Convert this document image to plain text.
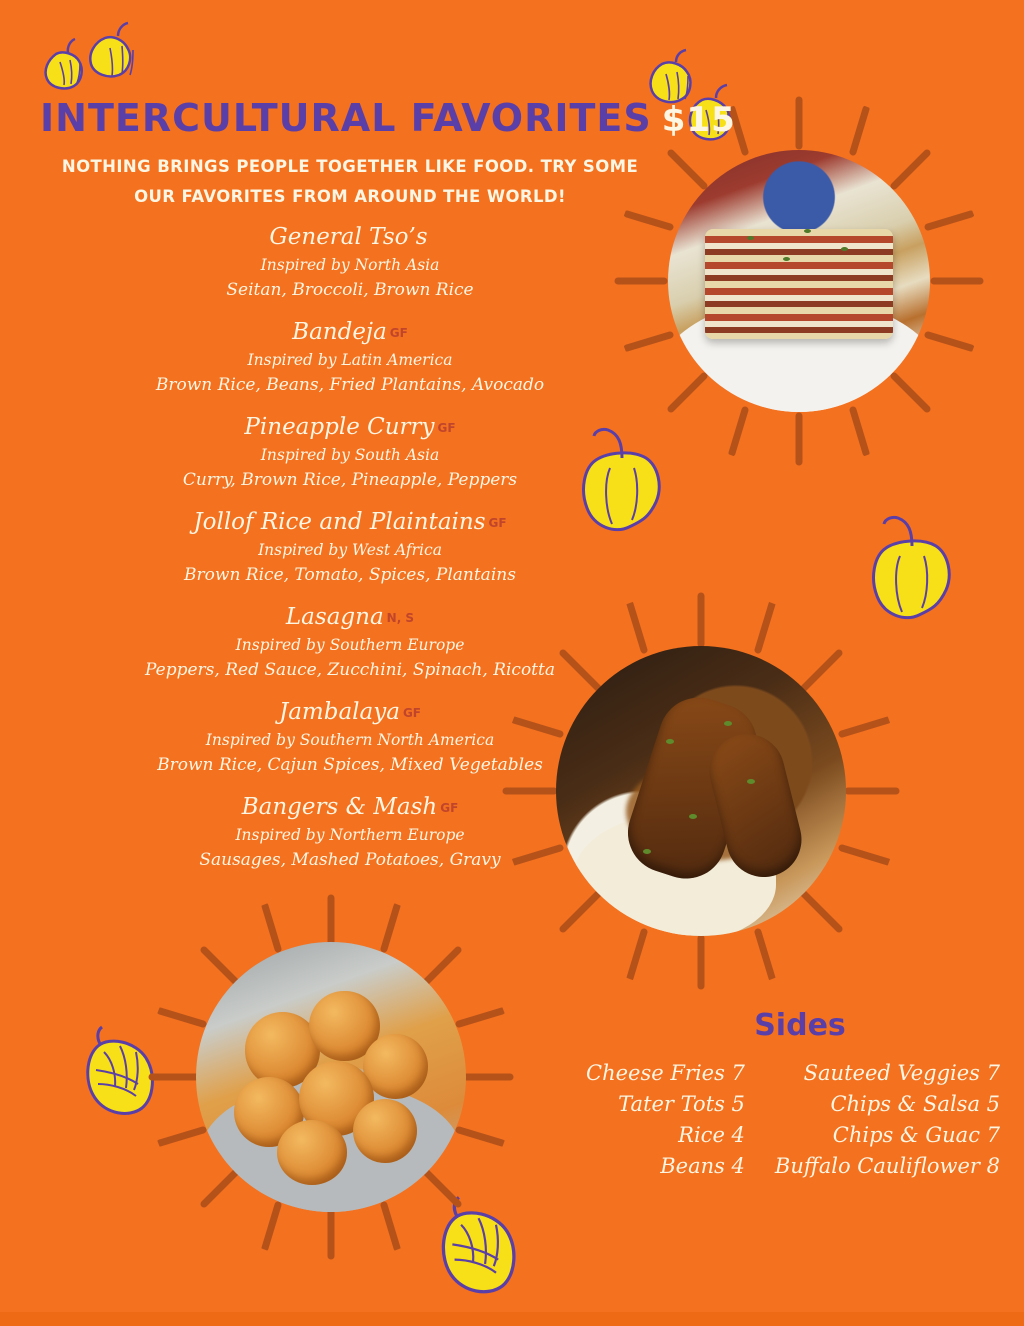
INTERCULTURAL FAVORITES $15
NOTHING BRINGS PEOPLE TOGETHER LIKE FOOD. TRY SOME OUR FAVORITES FROM AROUND THE WORLD!
General Tso’s
Inspired by North Asia
Seitan, Broccoli, Brown Rice
Bandeja GF
Inspired by Latin America
Brown Rice, Beans, Fried Plantains, Avocado
Pineapple Curry GF
Inspired by South Asia
Curry, Brown Rice, Pineapple, Peppers
Jollof Rice and Plaintains GF
Inspired by West Africa
Brown Rice, Tomato, Spices, Plantains
Lasagna N, S
Inspired by Southern Europe
Peppers, Red Sauce, Zucchini, Spinach, Ricotta
Jambalaya GF
Inspired by Southern North America
Brown Rice, Cajun Spices, Mixed Vegetables
Bangers & Mash GF
Inspired by Northern Europe
Sausages, Mashed Potatoes, Gravy
Sides
Cheese Fries 7
Tater Tots 5
Rice 4
Beans 4
Sauteed Veggies 7
Chips & Salsa 5
Chips & Guac 7
Buffalo Cauliflower 8
